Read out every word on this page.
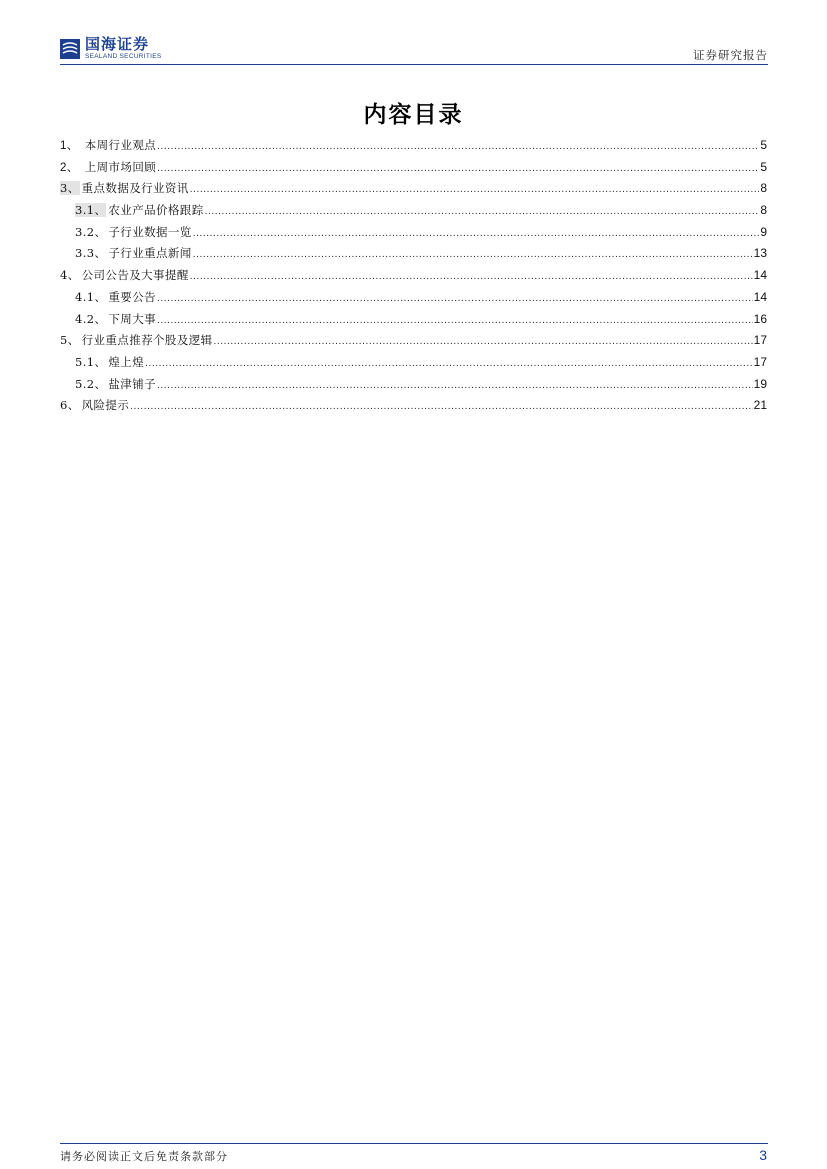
国海证券
SEALAND SECURITIES	证券研究报告
内容目录
1、 本周行业观点 .....	5
2、 上周市场回顾 .....	5
3、 重点数据及行业资讯 .....	8
3.1、 农业产品价格跟踪 .....	8
3.2、 子行业数据一览 .....	9
3.3、 子行业重点新闻 .....	13
4、 公司公告及大事提醒 .....	14
4.1、 重要公告 .....	14
4.2、 下周大事 .....	16
5、 行业重点推荐个股及逻辑 .....	17
5.1、 煌上煌 .....	17
5.2、 盐津铺子 .....	19
6、 风险提示 .....	21
请务必阅读正文后免责条款部分	3
